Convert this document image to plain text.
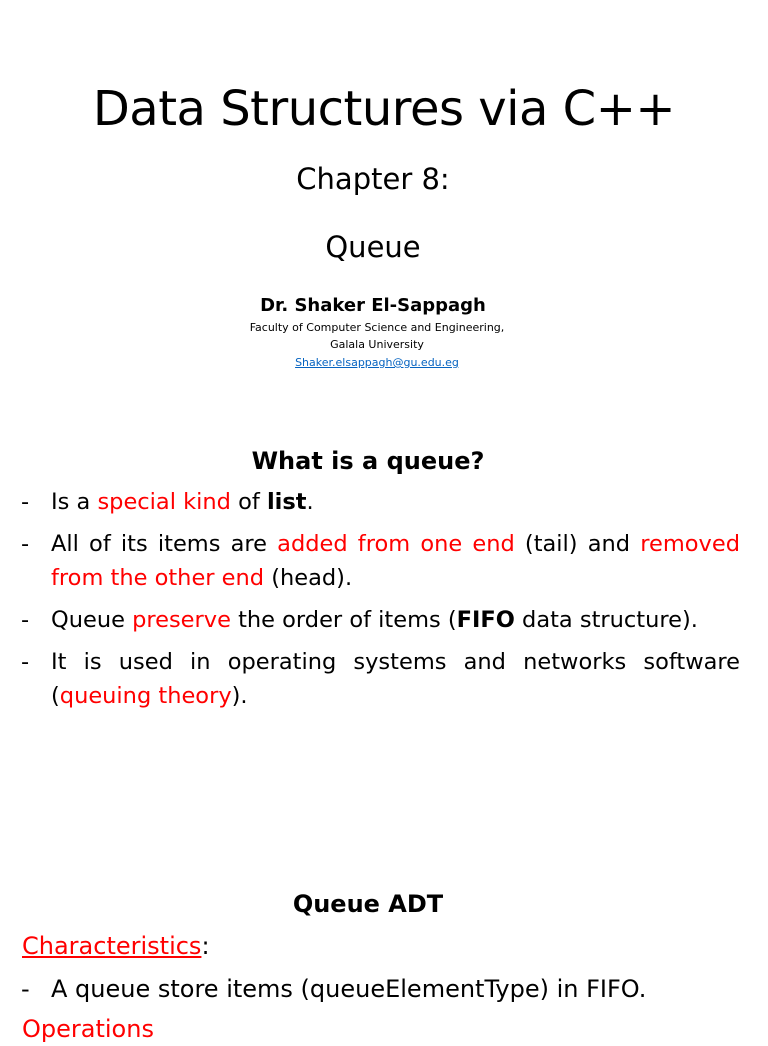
Data Structures via C++
Chapter 8:
Queue
Dr. Shaker El-Sappagh
Faculty of Computer Science and Engineering,
Galala University
Shaker.elsappagh@gu.edu.eg
What is a queue?
- Is a special kind of list.
- All of its items are added from one end (tail) and removed from the other end (head).
- Queue preserve the order of items (FIFO data structure).
- It is used in operating systems and networks software (queuing theory).
Queue ADT
Characteristics:
- A queue store items (queueElementType) in FIFO.
Operations
